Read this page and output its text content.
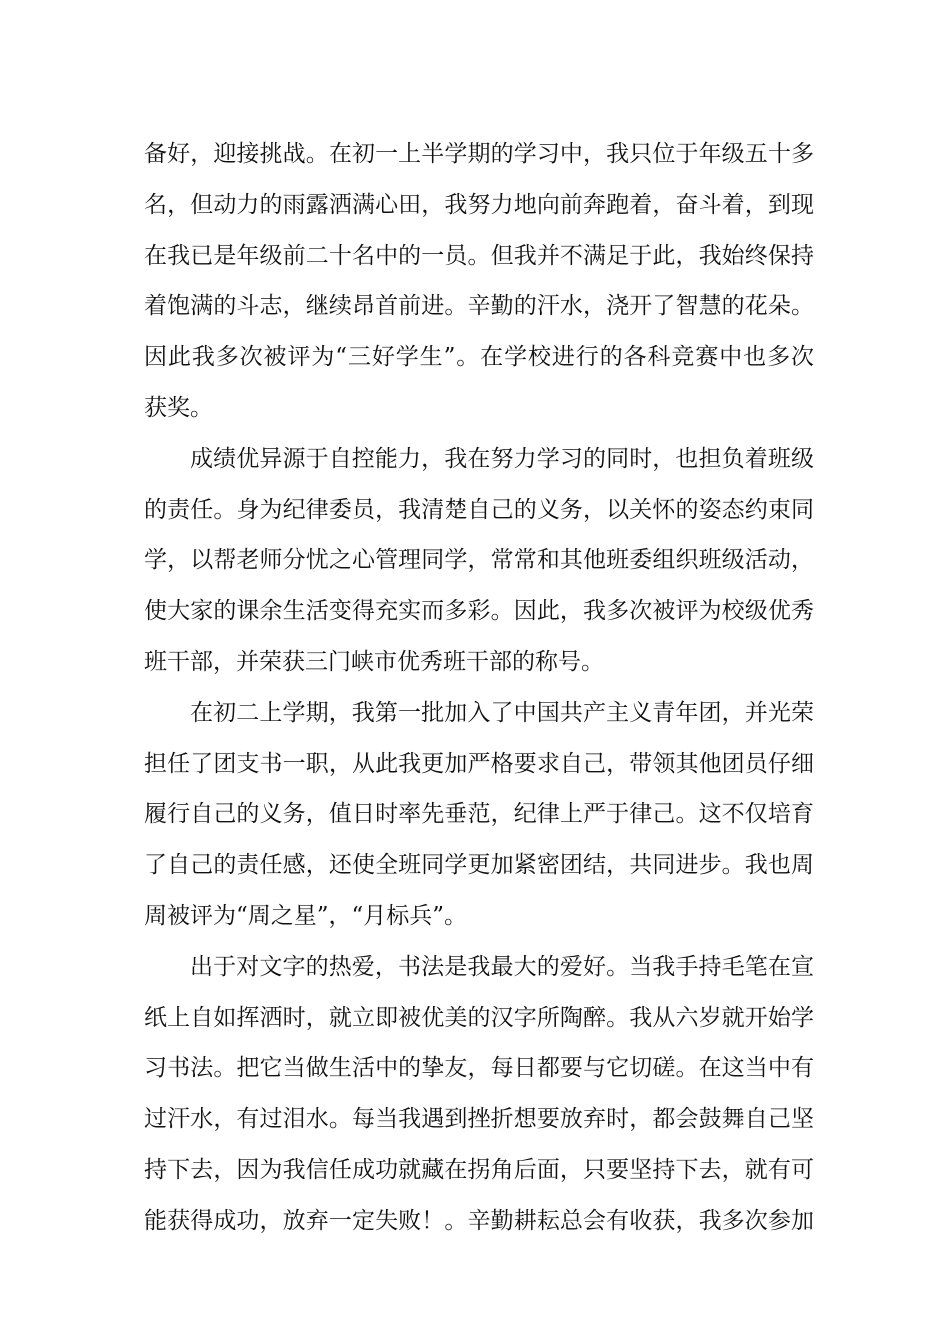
备好，迎接挑战。在初一上半学期的学习中，我只位于年级五十多
名，但动力的雨露洒满心田，我努力地向前奔跑着，奋斗着，到现
在我已是年级前二十名中的一员。但我并不满足于此，我始终保持
着饱满的斗志，继续昂首前进。辛勤的汗水，浇开了智慧的花朵。
因此我多次被评为“三好学生”。在学校进行的各科竞赛中也多次
获奖。
成绩优异源于自控能力，我在努力学习的同时，也担负着班级
的责任。身为纪律委员，我清楚自己的义务，以关怀的姿态约束同
学，以帮老师分忧之心管理同学，常常和其他班委组织班级活动，
使大家的课余生活变得充实而多彩。因此，我多次被评为校级优秀
班干部，并荣获三门峡市优秀班干部的称号。
在初二上学期，我第一批加入了中国共产主义青年团，并光荣
担任了团支书一职，从此我更加严格要求自己，带领其他团员仔细
履行自己的义务，值日时率先垂范，纪律上严于律己。这不仅培育
了自己的责任感，还使全班同学更加紧密团结，共同进步。我也周
周被评为“周之星”，“月标兵”。
出于对文字的热爱，书法是我最大的爱好。当我手持毛笔在宣
纸上自如挥洒时，就立即被优美的汉字所陶醉。我从六岁就开始学
习书法。把它当做生活中的挚友，每日都要与它切磋。在这当中有
过汗水，有过泪水。每当我遇到挫折想要放弃时，都会鼓舞自己坚
持下去，因为我信任成功就藏在拐角后面，只要坚持下去，就有可
能获得成功，放弃一定失败！。辛勤耕耘总会有收获，我多次参加
